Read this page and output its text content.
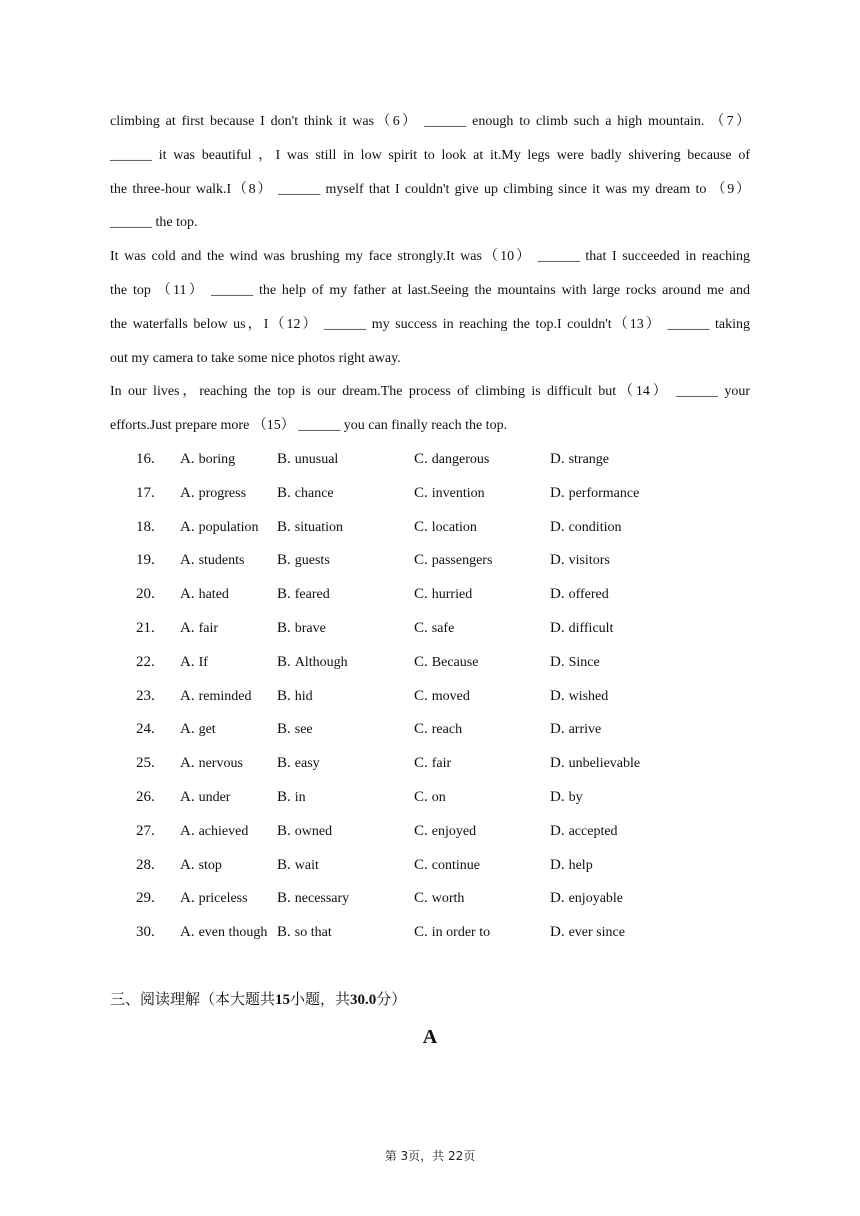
climbing at first because I don't think it was（6） ______ enough to climb such a high mountain. （7）
______ it was beautiful ，I was still in low spirit to look at it.My legs were badly shivering because of
the three-hour walk.I（8） ______ myself that I couldn't give up climbing since it was my dream to （9）
______ the top.
It was cold and the wind was brushing my face strongly.It was（10） ______ that I succeeded in reaching
the top （11） ______ the help of my father at last.Seeing the mountains with large rocks around me and
the waterfalls below us，I（12） ______ my success in reaching the top.I couldn't（13） ______ taking
out my camera to take some nice photos right away.
In our lives，reaching the top is our dream.The process of climbing is difficult but（14） ______ your
efforts.Just prepare more （15） ______ you can finally reach the top.
16. A. boring	B. unusual	C. dangerous	D. strange
17. A. progress B. chance	C. invention	D. performance
18. A. population B. situation	C. location	D. condition
19. A. students B. guests	C. passengers	D. visitors
20. A. hated	B. feared	C. hurried	D. offered
21. A. fair	B. brave	C. safe	D. difficult
22. A. If	B. Although	C. Because	D. Since
23. A. reminded B. hid	C. moved	D. wished
24. A. get	B. see	C. reach	D. arrive
25. A. nervous B. easy	C. fair	D. unbelievable
26. A. under	B. in	C. on	D. by
27. A. achieved B. owned	C. enjoyed	D. accepted
28. A. stop	B. wait	C. continue	D. help
29. A. priceless B. necessary	C. worth	D. enjoyable
30. A. even though B. so that	C. in order to	D. ever since
三、阅读理解（本大题共15小题，共30.0分）
A
第 3页，共 22页
